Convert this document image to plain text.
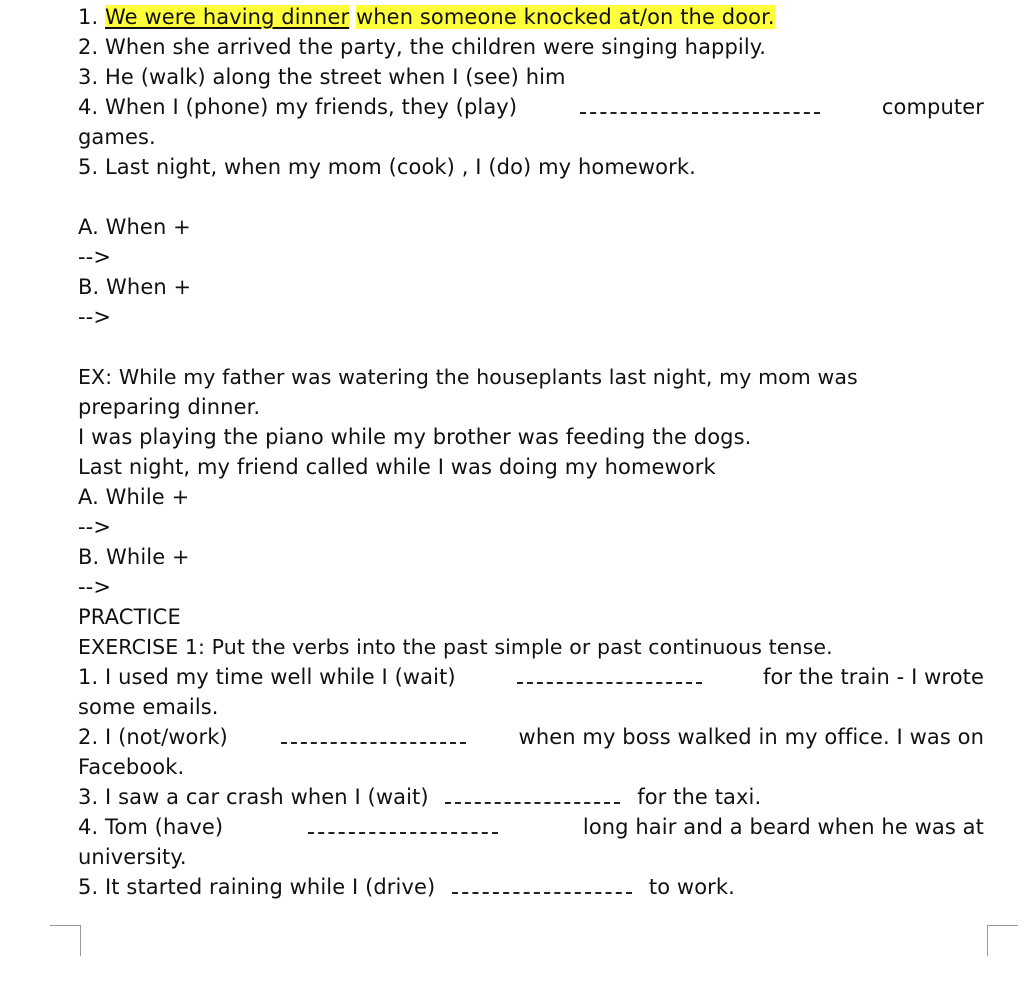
1. We were having dinner when someone knocked at/on the door.
2. When she arrived the party, the children were singing happily.
3. He (walk) along the street when I (see) him
4. When I (phone) my friends, they (play)	computer
games.
5. Last night, when my mom (cook) , I (do) my homework.
A. When +
-->
B. When +
-->
EX: While my father was watering the houseplants last night, my mom was
preparing dinner.
I was playing the piano while my brother was feeding the dogs.
Last night, my friend called while I was doing my homework
A. While +
-->
B. While +
-->
PRACTICE
EXERCISE 1: Put the verbs into the past simple or past continuous tense.
1. I used my time well while I (wait)	for the train - I wrote
some emails.
2. I (not/work)	when my boss walked in my office. I was on
Facebook.
3. I saw a car crash when I (wait)	for the taxi.
4. Tom (have)	long hair and a beard when he was at
university.
5. It started raining while I (drive)	to work.
